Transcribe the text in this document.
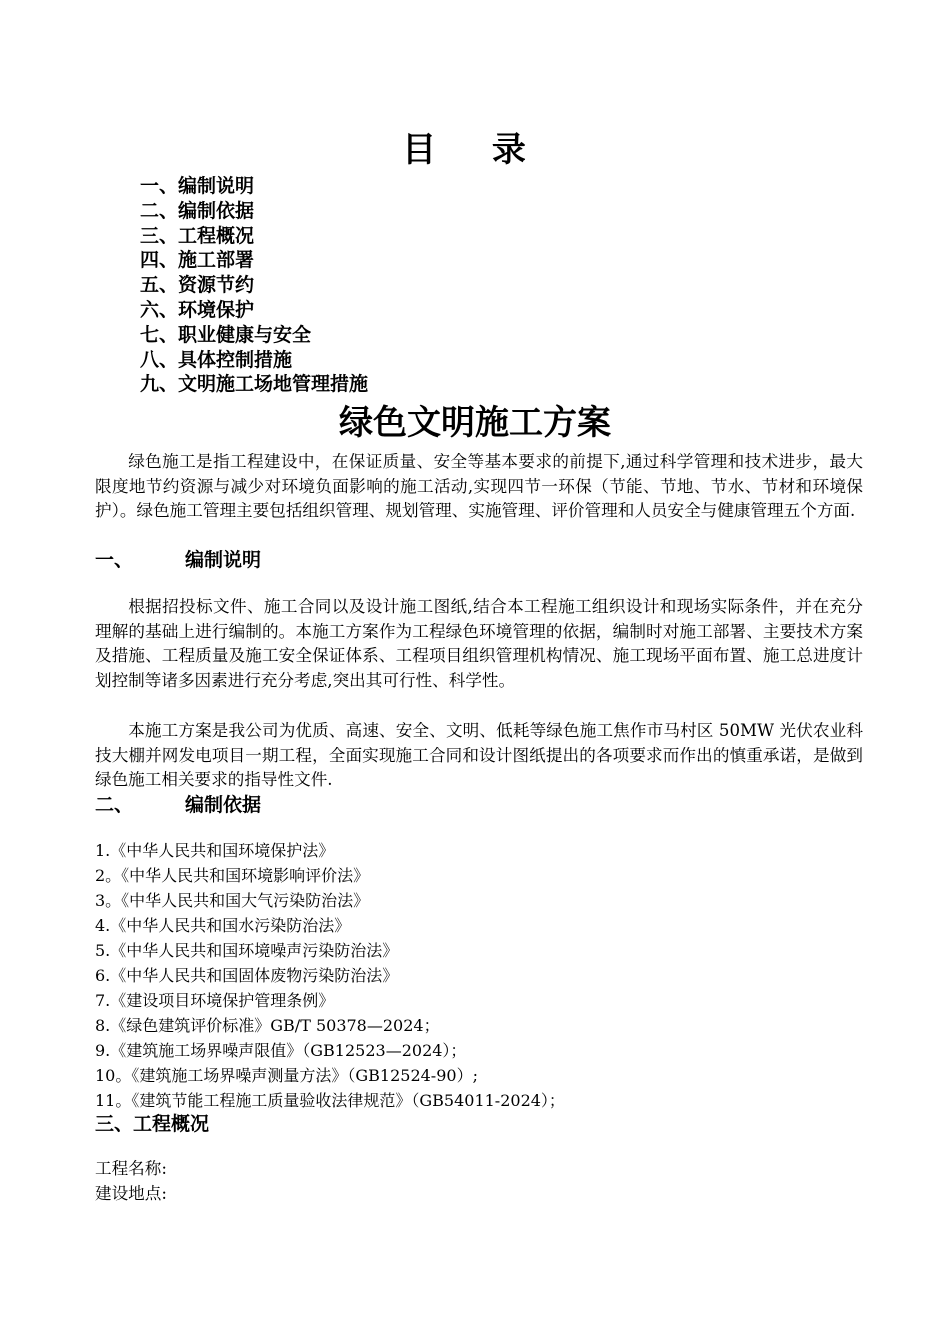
目 录
一、编制说明
二、编制依据
三、工程概况
四、施工部署
五、资源节约
六、环境保护
七、职业健康与安全
八、具体控制措施
九、文明施工场地管理措施
绿色文明施工方案

绿色施工是指工程建设中，在保证质量、安全等基本要求的前提下,通过科学管理和技术进步，最大限度地节约资源与减少对环境负面影响的施工活动,实现四节一环保（节能、节地、节水、节材和环境保护）。绿色施工管理主要包括组织管理、规划管理、实施管理、评价管理和人员安全与健康管理五个方面.

一、	编制说明

根据招投标文件、施工合同以及设计施工图纸,结合本工程施工组织设计和现场实际条件，并在充分理解的基础上进行编制的。本施工方案作为工程绿色环境管理的依据，编制时对施工部署、主要技术方案及措施、工程质量及施工安全保证体系、工程项目组织管理机构情况、施工现场平面布置、施工总进度计划控制等诸多因素进行充分考虑,突出其可行性、科学性。

本施工方案是我公司为优质、高速、安全、文明、低耗等绿色施工焦作市马村区 50MW 光伏农业科技大棚并网发电项目一期工程，全面实现施工合同和设计图纸提出的各项要求而作出的慎重承诺，是做到绿色施工相关要求的指导性文件.

二、	编制依据
1.《中华人民共和国环境保护法》
2。《中华人民共和国环境影响评价法》
3。《中华人民共和国大气污染防治法》
4.《中华人民共和国水污染防治法》
5.《中华人民共和国环境噪声污染防治法》
6.《中华人民共和国固体废物污染防治法》
7.《建设项目环境保护管理条例》
8.《绿色建筑评价标准》GB/T 50378—2024；
9.《建筑施工场界噪声限值》（GB12523—2024）；
10。《建筑施工场界噪声测量方法》（GB12524-90）;
11。《建筑节能工程施工质量验收法律规范》（GB54011-2024）；
三、工程概况
工程名称:
建设地点:
